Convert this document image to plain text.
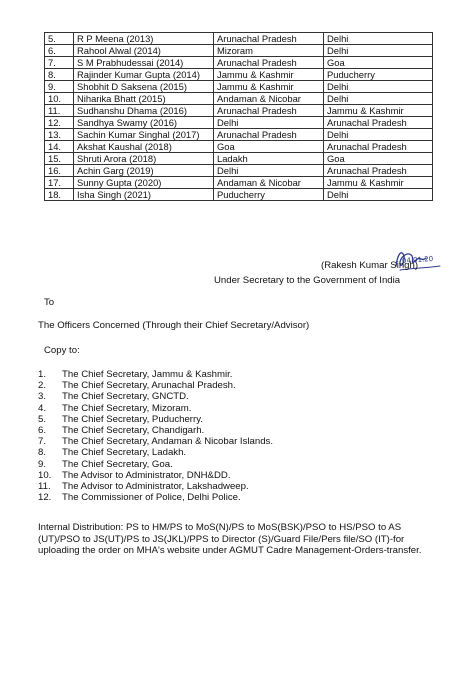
5.	R P Meena (2013)	Arunachal Pradesh	Delhi
6.	Rahool Alwal (2014)	Mizoram	Delhi
7.	S M Prabhudessai (2014)	Arunachal Pradesh	Goa
8.	Rajinder Kumar Gupta (2014)	Jammu & Kashmir	Puducherry
9.	Shobhit D Saksena (2015)	Jammu & Kashmir	Delhi
10.	Niharika Bhatt (2015)	Andaman & Nicobar	Delhi
11.	Sudhanshu Dhama (2016)	Arunachal Pradesh	Jammu & Kashmir
12.	Sandhya Swamy (2016)	Delhi	Arunachal Pradesh
13.	Sachin Kumar Singhal (2017)	Arunachal Pradesh	Delhi
14.	Akshat Kaushal (2018)	Goa	Arunachal Pradesh
15.	Shruti Arora (2018)	Ladakh	Goa
16.	Achin Garg (2019)	Delhi	Arunachal Pradesh
17.	Sunny Gupta (2020)	Andaman & Nicobar	Jammu & Kashmir
18.	Isha Singh (2021)	Puducherry	Delhi
04.01.20
(Rakesh Kumar Singh)
Under Secretary to the Government of India
To
The Officers Concerned (Through their Chief Secretary/Advisor)
Copy to:
1.	The Chief Secretary, Jammu & Kashmir.
2.	The Chief Secretary, Arunachal Pradesh.
3.	The Chief Secretary, GNCTD.
4.	The Chief Secretary, Mizoram.
5.	The Chief Secretary, Puducherry.
6.	The Chief Secretary, Chandigarh.
7.	The Chief Secretary, Andaman & Nicobar Islands.
8.	The Chief Secretary, Ladakh.
9.	The Chief Secretary, Goa.
10.	The Advisor to Administrator, DNH&DD.
11.	The Advisor to Administrator, Lakshadweep.
12.	The Commissioner of Police, Delhi Police.
Internal Distribution: PS to HM/PS to MoS(N)/PS to MoS(BSK)/PSO to HS/PSO to AS (UT)/PSO to JS(UT)/PS to JS(JKL)/PPS to Director (S)/Guard File/Pers file/SO (IT)-for uploading the order on MHA's website under AGMUT Cadre Management-Orders-transfer.
